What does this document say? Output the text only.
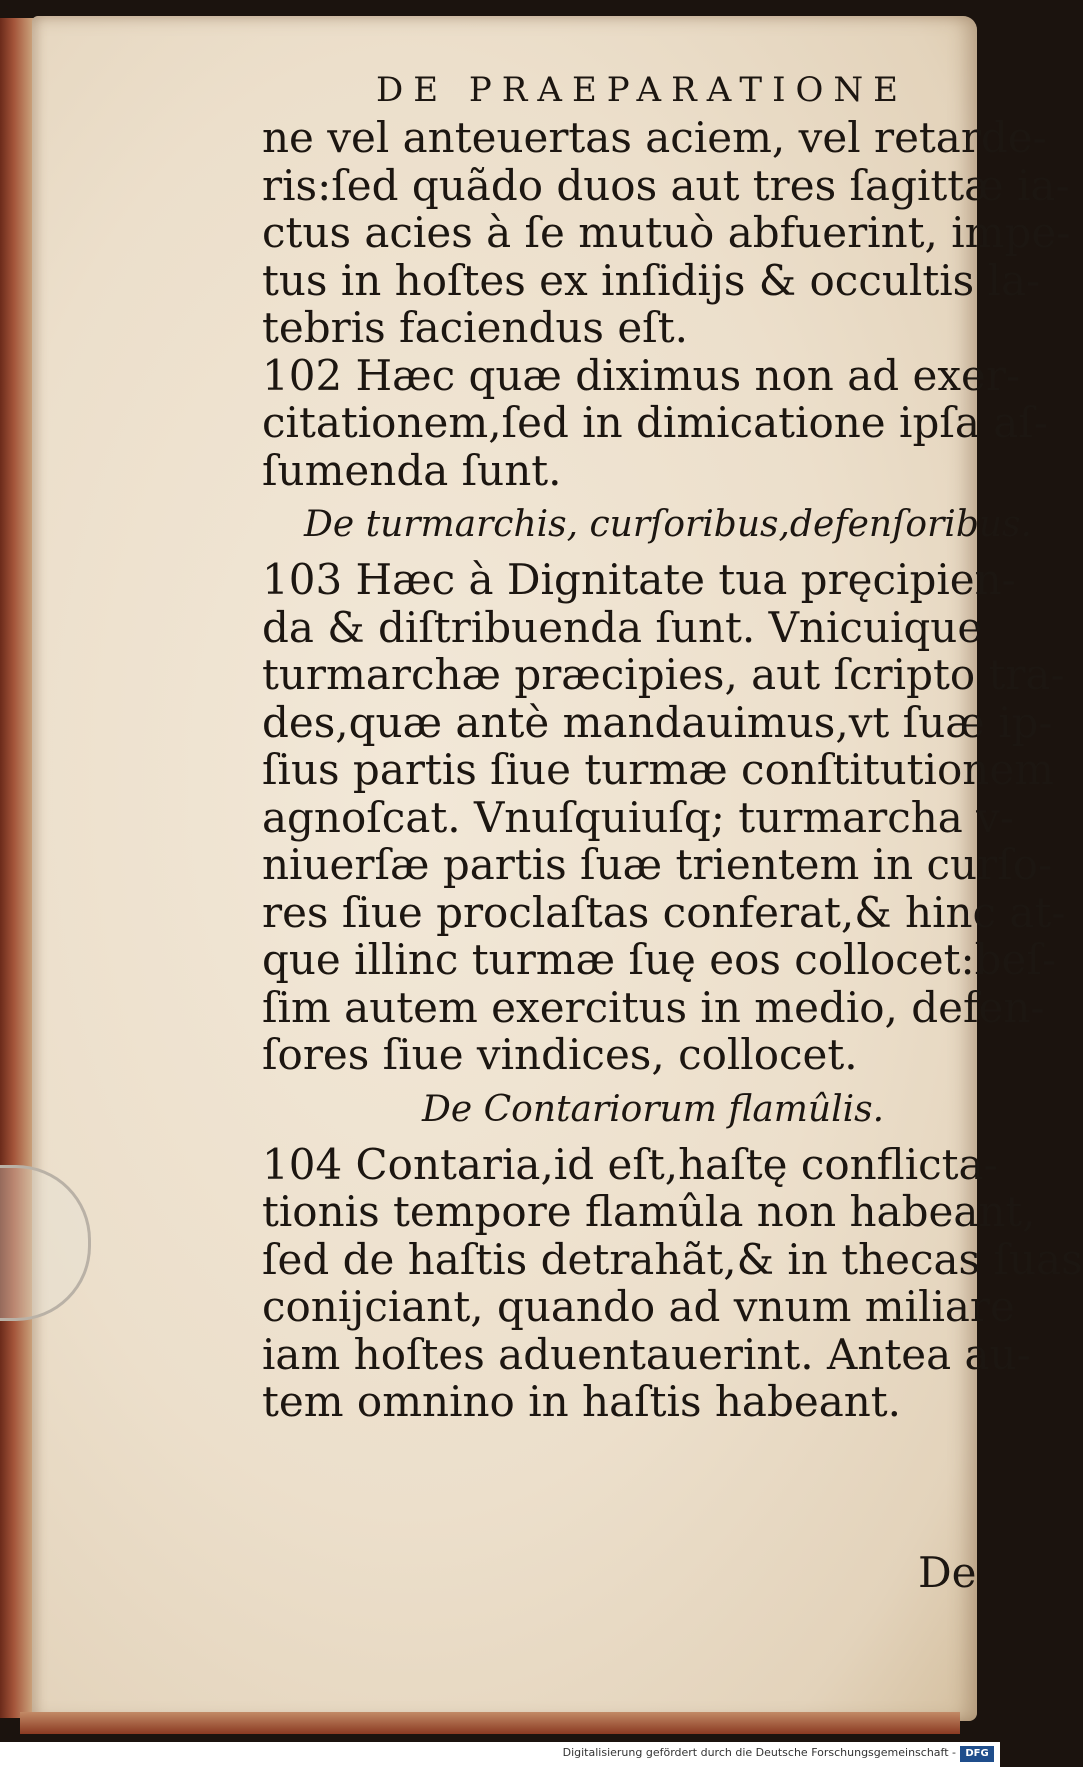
DE PRAEPARATIONE
ne vel anteuertas aciem, vel retarde-
ris:ſed quãdo duos aut tres ſagittæ ia-
ctus acies à ſe mutuò abfuerint, impe-
tus in hoſtes ex inſidijs & occultis la-
tebris faciendus eſt.
102 Hæc quæ diximus non ad exer-
citationem,ſed in dimicatione ipſa aſ-
ſumenda ſunt.
De turmarchis, curſoribus,defenſoribus.
103 Hæc à Dignitate tua pręcipien-
da & diſtribuenda ſunt. Vnicuique
turmarchæ præcipies, aut ſcripto tra-
des,quæ antè mandauimus,vt ſuæ ip-
ſius partis ſiue turmæ conſtitutionem
agnoſcat. Vnuſquiuſq; turmarcha v-
niuerſæ partis ſuæ trientem in curſo-
res ſiue proclaſtas conferat,& hinc at-
que illinc turmæ ſuę eos collocet:beſ-
ſim autem exercitus in medio, defen-
ſores ſiue vindices, collocet.
De Contariorum flamûlis.
104 Contaria,id eſt,haſtę conflicta-
tionis tempore flamûla non habeant,
ſed de haſtis detrahãt,& in thecas ſuas
conijciant, quando ad vnum miliare
iam hoſtes aduentauerint. Antea au-
tem omnino in haſtis habeant.
De
Digitalisierung gefördert durch die Deutsche Forschungsgemeinschaft - DFG
